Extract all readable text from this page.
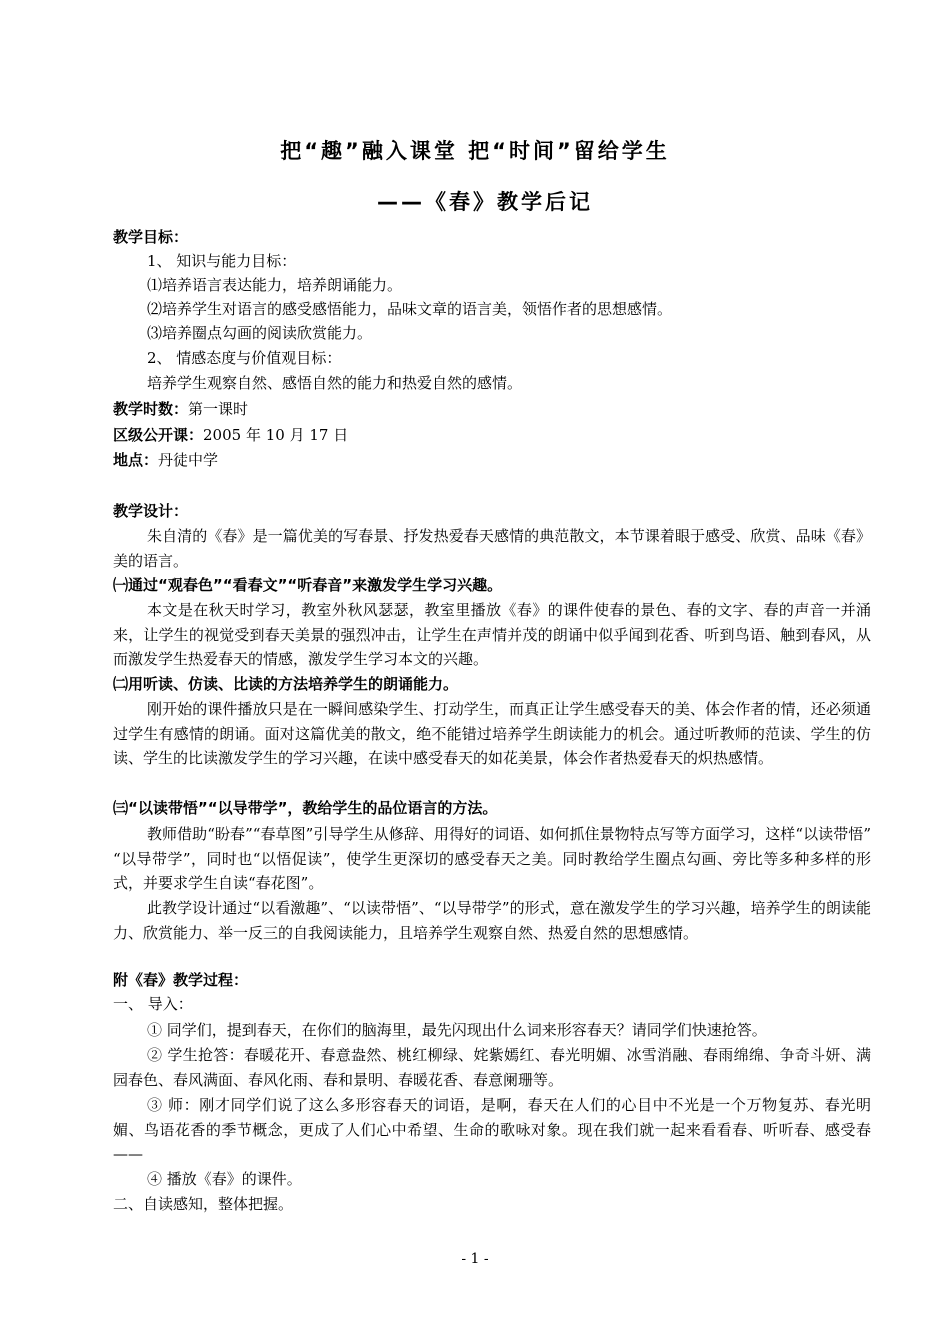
把“趣”融入课堂 把“时间”留给学生
——《春》教学后记
教学目标：
1、 知识与能力目标：
⑴培养语言表达能力，培养朗诵能力。
⑵培养学生对语言的感受感悟能力，品味文章的语言美，领悟作者的思想感情。
⑶培养圈点勾画的阅读欣赏能力。
2、 情感态度与价值观目标：
培养学生观察自然、感悟自然的能力和热爱自然的感情。
教学时数：第一课时
区级公开课：2005 年 10 月 17 日
地点：丹徒中学
教学设计：
朱自清的《春》是一篇优美的写春景、抒发热爱春天感情的典范散文，本节课着眼于感受、欣赏、品味《春》美的语言。
㈠通过“观春色”“看春文”“听春音”来激发学生学习兴趣。
本文是在秋天时学习，教室外秋风瑟瑟，教室里播放《春》的课件使春的景色、春的文字、春的声音一并涌来，让学生的视觉受到春天美景的强烈冲击，让学生在声情并茂的朗诵中似乎闻到花香、听到鸟语、触到春风，从而激发学生热爱春天的情感，激发学生学习本文的兴趣。
㈡用听读、仿读、比读的方法培养学生的朗诵能力。
刚开始的课件播放只是在一瞬间感染学生、打动学生，而真正让学生感受春天的美、体会作者的情，还必须通过学生有感情的朗诵。面对这篇优美的散文，绝不能错过培养学生朗读能力的机会。通过听教师的范读、学生的仿读、学生的比读激发学生的学习兴趣，在读中感受春天的如花美景，体会作者热爱春天的炽热感情。
㈢“以读带悟”“以导带学”，教给学生的品位语言的方法。
教师借助“盼春”“春草图”引导学生从修辞、用得好的词语、如何抓住景物特点写等方面学习，这样“以读带悟” “以导带学”，同时也“以悟促读”，使学生更深切的感受春天之美。同时教给学生圈点勾画、旁比等多种多样的形式，并要求学生自读“春花图”。
此教学设计通过“以看激趣”、“以读带悟”、“以导带学”的形式，意在激发学生的学习兴趣，培养学生的朗读能力、欣赏能力、举一反三的自我阅读能力，且培养学生观察自然、热爱自然的思想感情。
附《春》教学过程：
一、 导入：
① 同学们，提到春天，在你们的脑海里，最先闪现出什么词来形容春天？请同学们快速抢答。
② 学生抢答：春暖花开、春意盎然、桃红柳绿、姹紫嫣红、春光明媚、冰雪消融、春雨绵绵、争奇斗妍、满园春色、春风满面、春风化雨、春和景明、春暖花香、春意阑珊等。
③ 师：刚才同学们说了这么多形容春天的词语，是啊，春天在人们的心目中不光是一个万物复苏、春光明媚、鸟语花香的季节概念，更成了人们心中希望、生命的歌咏对象。现在我们就一起来看看春、听听春、感受春——
④ 播放《春》的课件。
二、自读感知，整体把握。
- 1 -
